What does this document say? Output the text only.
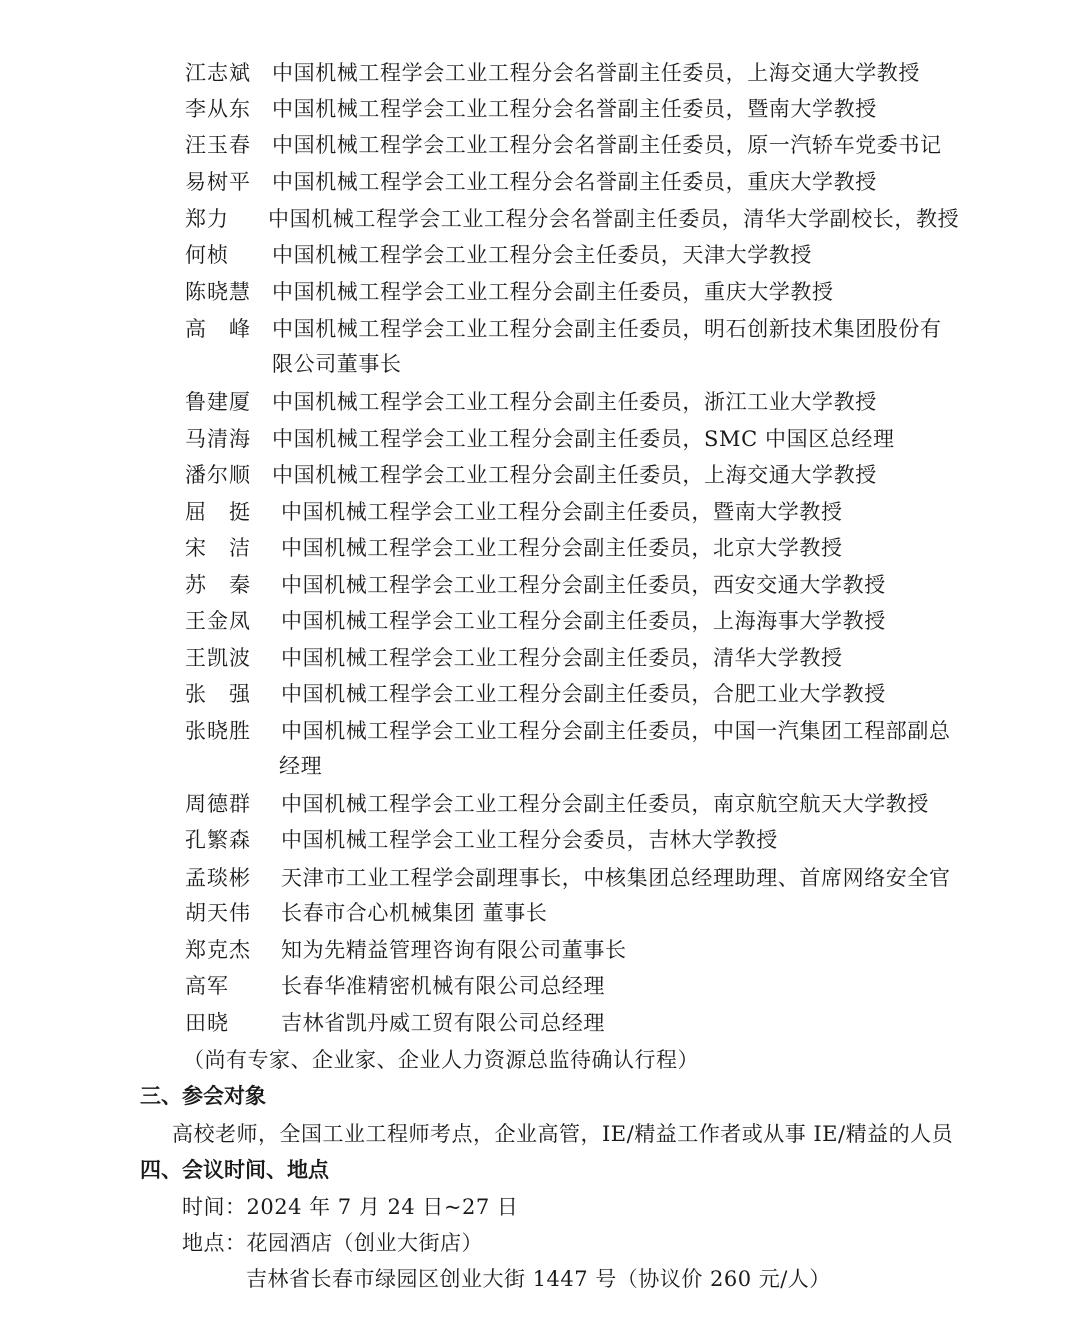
江志斌	中国机械工程学会工业工程分会名誉副主任委员，上海交通大学教授
李从东	中国机械工程学会工业工程分会名誉副主任委员，暨南大学教授
汪玉春	中国机械工程学会工业工程分会名誉副主任委员，原一汽轿车党委书记
易树平	中国机械工程学会工业工程分会名誉副主任委员，重庆大学教授
郑力	中国机械工程学会工业工程分会名誉副主任委员，清华大学副校长，教授
何桢	中国机械工程学会工业工程分会主任委员，天津大学教授
陈晓慧	中国机械工程学会工业工程分会副主任委员，重庆大学教授
高　峰	中国机械工程学会工业工程分会副主任委员，明石创新技术集团股份有
限公司董事长
鲁建厦	中国机械工程学会工业工程分会副主任委员，浙江工业大学教授
马清海	中国机械工程学会工业工程分会副主任委员，SMC 中国区总经理
潘尔顺	中国机械工程学会工业工程分会副主任委员，上海交通大学教授
屈　挺	中国机械工程学会工业工程分会副主任委员，暨南大学教授
宋　洁	中国机械工程学会工业工程分会副主任委员，北京大学教授
苏　秦	中国机械工程学会工业工程分会副主任委员，西安交通大学教授
王金凤	中国机械工程学会工业工程分会副主任委员，上海海事大学教授
王凯波	中国机械工程学会工业工程分会副主任委员，清华大学教授
张　强	中国机械工程学会工业工程分会副主任委员，合肥工业大学教授
张晓胜	中国机械工程学会工业工程分会副主任委员，中国一汽集团工程部副总
经理
周德群	中国机械工程学会工业工程分会副主任委员，南京航空航天大学教授
孔繁森	中国机械工程学会工业工程分会委员，吉林大学教授
孟琰彬	天津市工业工程学会副理事长，中核集团总经理助理、首席网络安全官
胡天伟	长春市合心机械集团 董事长
郑克杰	知为先精益管理咨询有限公司董事长
高军	长春华准精密机械有限公司总经理
田晓	吉林省凯丹威工贸有限公司总经理
（尚有专家、企业家、企业人力资源总监待确认行程）
三、参会对象
高校老师，全国工业工程师考点，企业高管，IE/精益工作者或从事 IE/精益的人员
四、会议时间、地点
时间：2024 年 7 月 24 日~27 日
地点：花园酒店（创业大街店）
吉林省长春市绿园区创业大街 1447 号（协议价 260 元/人）
